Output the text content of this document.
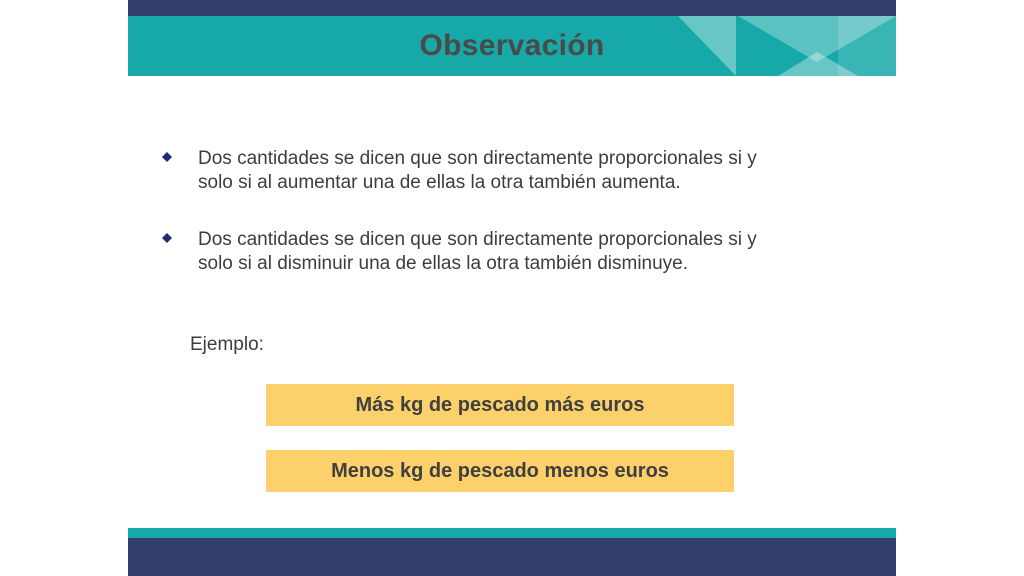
Observación
Dos cantidades se dicen que son directamente proporcionales si y
solo si al aumentar una de ellas la otra también aumenta.
Dos cantidades se dicen que son directamente proporcionales si y
solo si al disminuir una de ellas la otra también disminuye.
Ejemplo:
Más kg de pescado más euros
Menos kg de pescado menos euros
